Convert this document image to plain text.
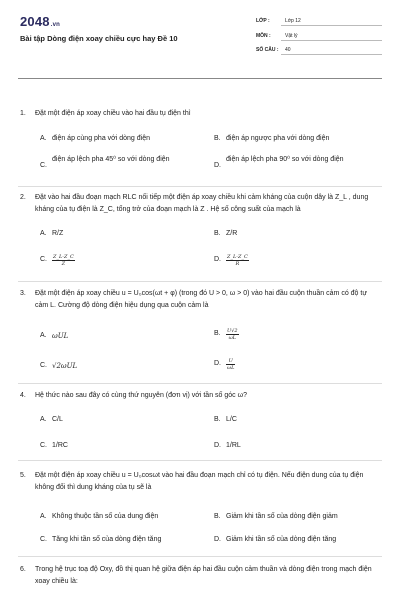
2048.vn
Bài tập Dòng điện xoay chiều cực hay Đề 10
LỚP :	Lớp 12
MÔN :	Vật lý
SỐ CÂU : 40
1. Đặt một điện áp xoay chiều vào hai đầu tụ điện thì
A. điện áp cùng pha với dòng điện	B. điện áp ngược pha với dòng điện
C.
điện áp lệch pha 45⁰ so với dòng điện
D.
điện áp lệch pha 90⁰ so với dòng điện
2. Đặt vào hai đầu đoạn mạch RLC nối tiếp một điện áp xoay chiều khi cảm kháng của cuộn dây là Z_L , dung kháng của tụ điện là Z_C, tổng trở của đoạn mạch là Z . Hệ số công suất của mạch là
A. R/Z	B. Z/R
C. $\frac{Z\_L-Z\_C}{Z}$	D. $\frac{Z\_L-Z\_C}{R}$
3. Đặt một điện áp xoay chiều u = U₀cos(ωt + φ) (trong đó U > 0, ω > 0) vào hai đầu cuộn thuần cảm có độ tự cảm L. Cường độ dòng điện hiệu dụng qua cuộn cảm là
A. ωUL	B. $\frac{U√2}{\omega L}$
C. √2ωUL	D. $\frac{U}{\omega L}$
4. Hệ thức nào sau đây có cùng thứ nguyên (đơn vị) với tần số góc ω?
A. C/L	B. L/C
C. 1/RC	D. 1/RL
5. Đặt một điện áp xoay chiều u = U₀cosωt vào hai đầu đoạn mạch chỉ có tụ điện. Nếu điện dung của tụ điện không đổi thì dung kháng của tụ sẽ là
A. Không thuộc tần số của dung điện	B. Giảm khi tần số của dòng điện giảm
C. Tăng khi tần số của dòng điện tăng	D. Giảm khi tần số của dòng điện tăng
6. Trong hệ trục toạ độ Oxy, đồ thị quan hệ giữa điện áp hai đầu cuộn cảm thuần và dòng điện trong mạch điện xoay chiều là:
